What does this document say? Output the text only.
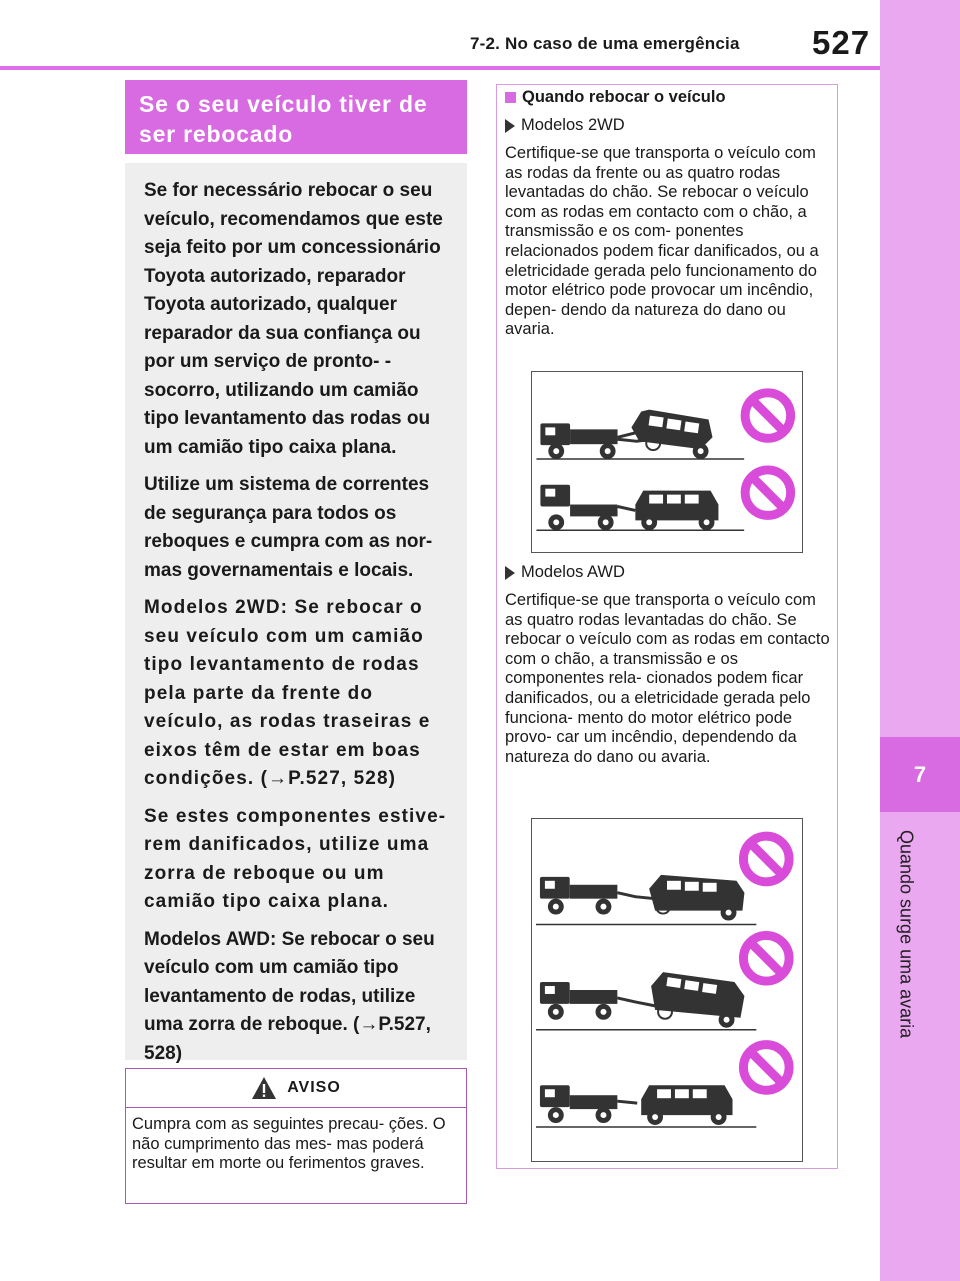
7-2. No caso de uma emergência 527
7
Quando surge uma avaria
Se o seu veículo tiver de
ser rebocado

Se for necessário rebocar o seu veículo, recomendamos que este seja feito por um concessionário Toyota autorizado, reparador Toyota autorizado, qualquer reparador da sua confiança ou por um serviço de pronto- -socorro, utilizando um camião tipo levantamento das rodas ou um camião tipo caixa plana.

Utilize um sistema de correntes de segurança para todos os reboques e cumpra com as nor- mas governamentais e locais.

Modelos 2WD: Se rebocar o seu veículo com um camião tipo levantamento de rodas pela parte da frente do veículo, as rodas traseiras e eixos têm de estar em boas condições. (→P.527, 528)

Se estes componentes estive- rem danificados, utilize uma zorra de reboque ou um camião tipo caixa plana.

Modelos AWD: Se rebocar o seu veículo com um camião tipo levantamento de rodas, utilize uma zorra de reboque. (→P.527, 528)

AVISO
Cumpra com as seguintes precau- ções. O não cumprimento das mes- mas poderá resultar em morte ou ferimentos graves.
Quando rebocar o veículo
Modelos 2WD
Certifique-se que transporta o veículo com as rodas da frente ou as quatro rodas levantadas do chão. Se rebocar o veículo com as rodas em contacto com o chão, a transmissão e os com- ponentes relacionados podem ficar danificados, ou a eletricidade gerada pelo funcionamento do motor elétrico pode provocar um incêndio, depen- dendo da natureza do dano ou avaria.
Modelos AWD
Certifique-se que transporta o veículo com as quatro rodas levantadas do chão. Se rebocar o veículo com as rodas em contacto com o chão, a transmissão e os componentes rela- cionados podem ficar danificados, ou a eletricidade gerada pelo funciona- mento do motor elétrico pode provo- car um incêndio, dependendo da natureza do dano ou avaria.
